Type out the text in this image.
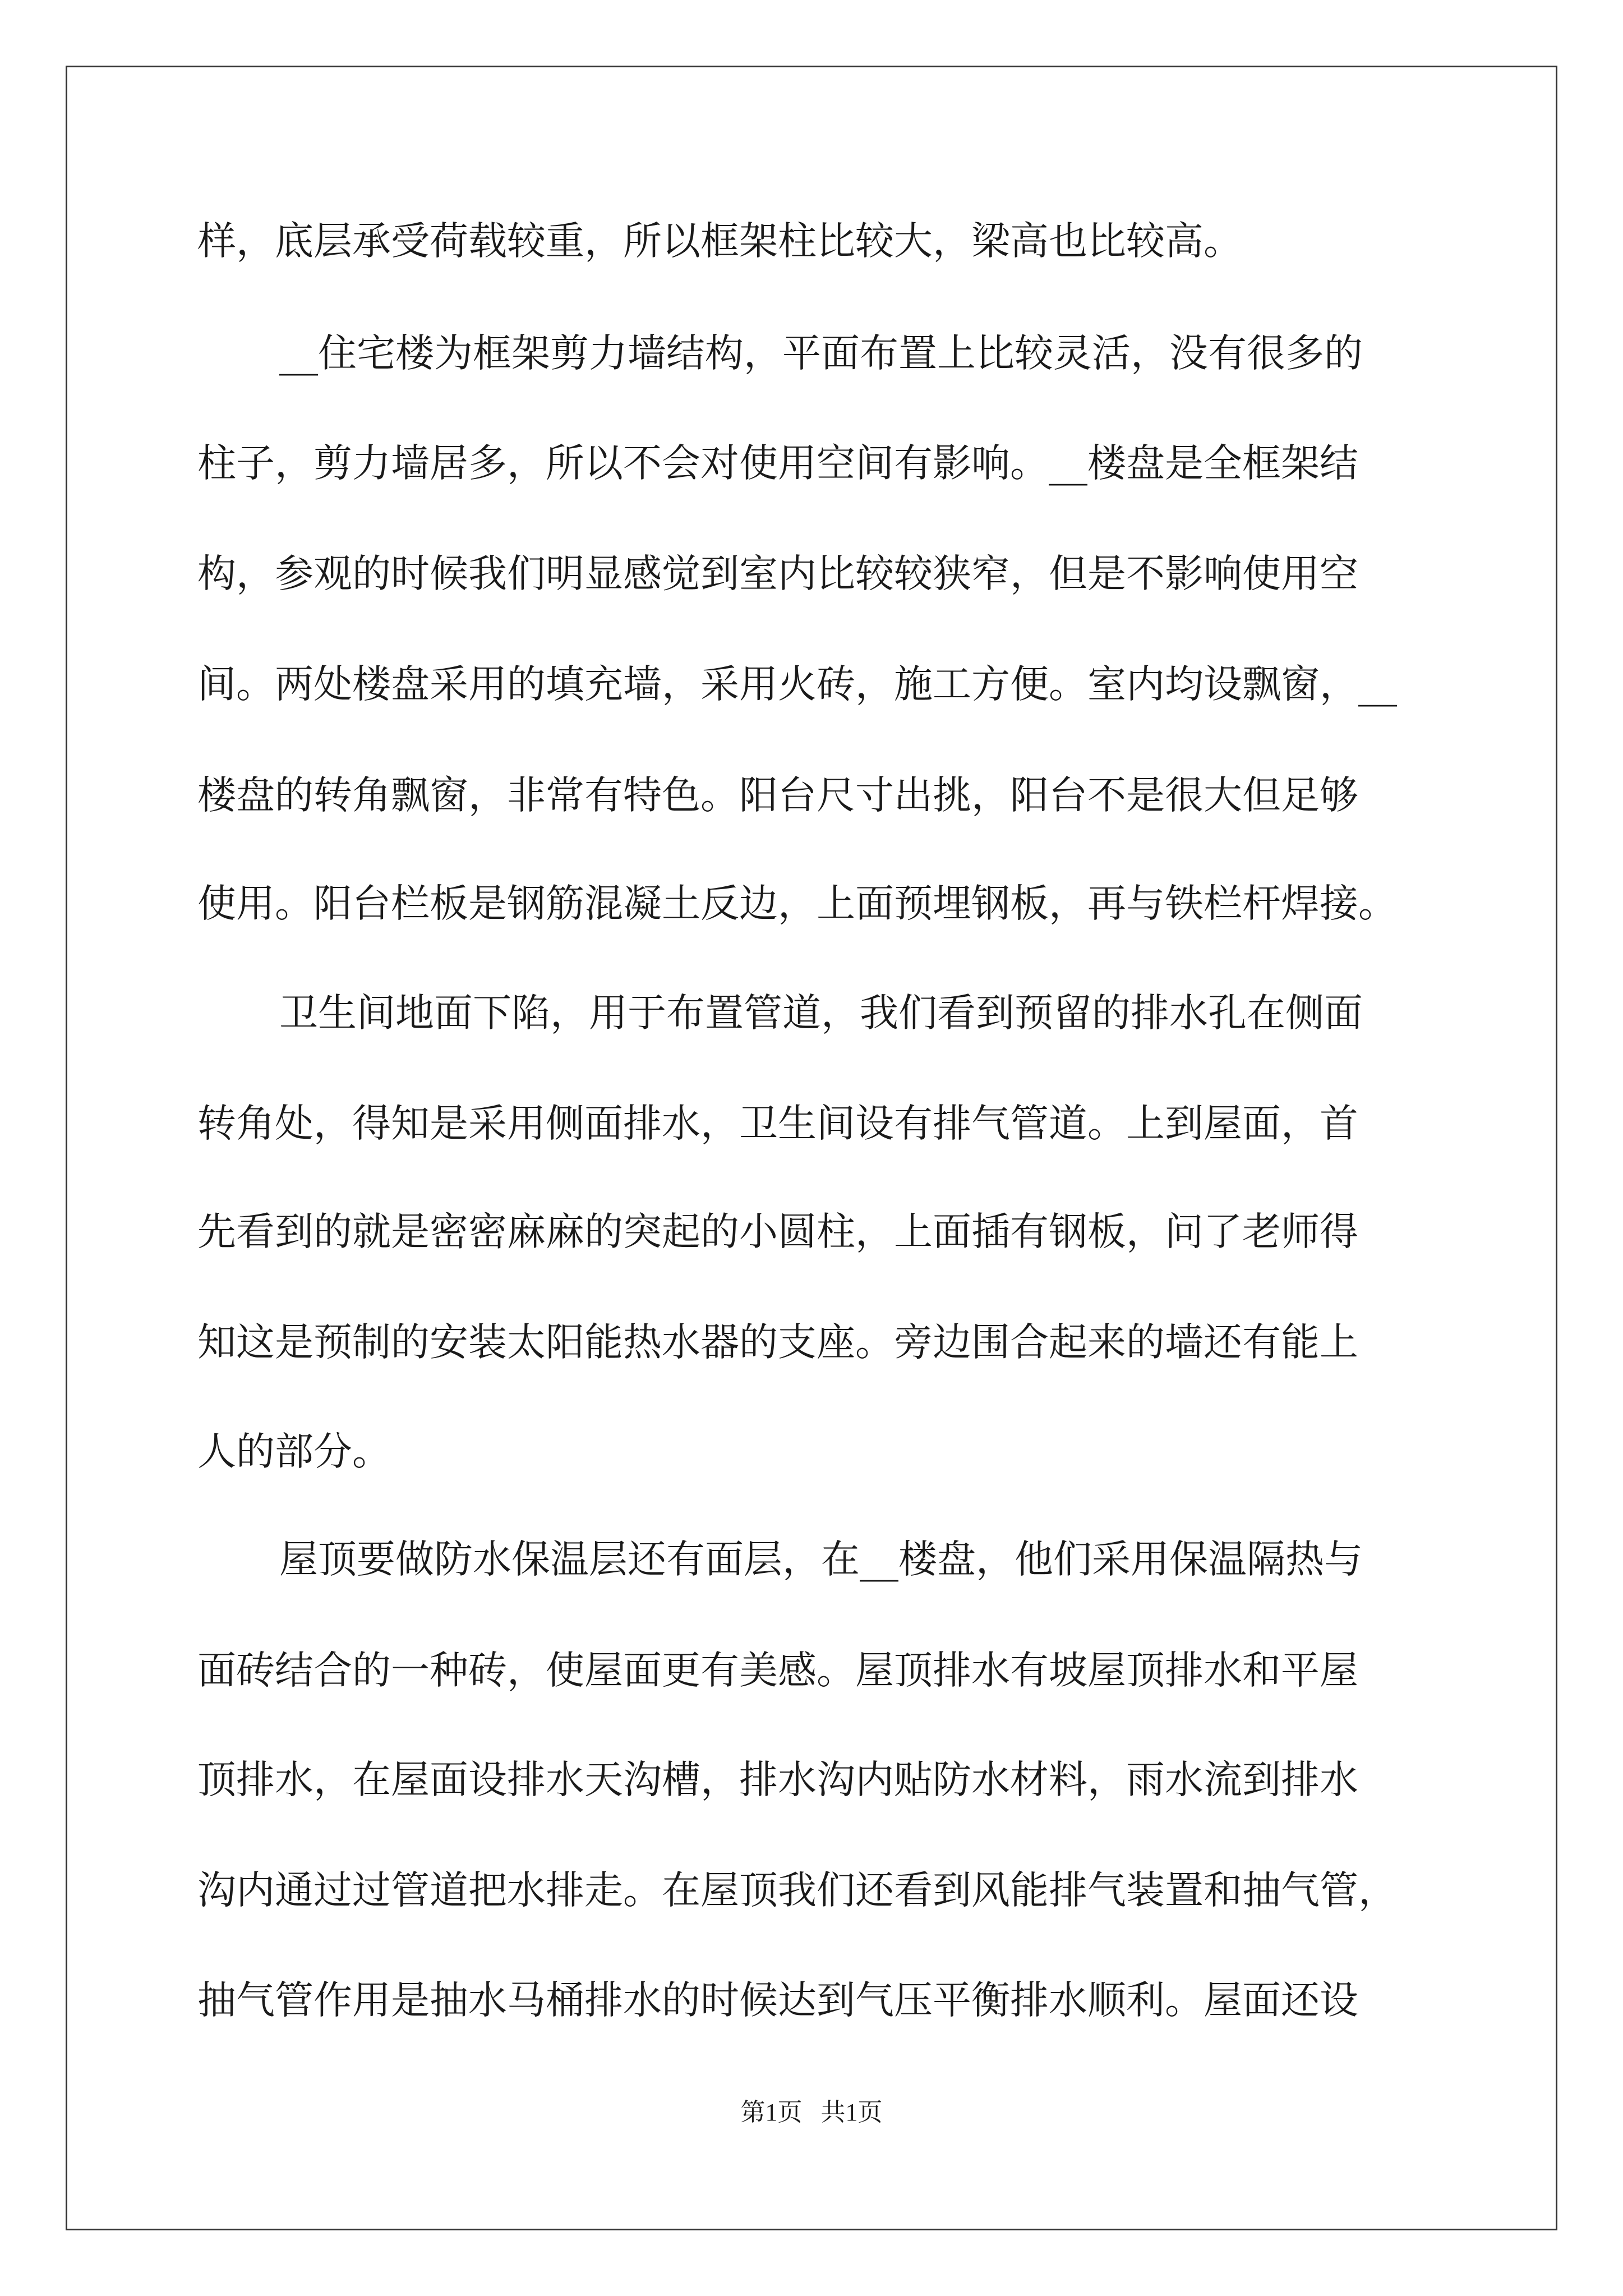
样，底层承受荷载较重，所以框架柱比较大，梁高也比较高。
__住宅楼为框架剪力墙结构，平面布置上比较灵活，没有很多的
柱子，剪力墙居多，所以不会对使用空间有影响。__楼盘是全框架结
构，参观的时候我们明显感觉到室内比较较狭窄，但是不影响使用空
间。两处楼盘采用的填充墙，采用火砖，施工方便。室内均设飘窗，__
楼盘的转角飘窗，非常有特色。阳台尺寸出挑，阳台不是很大但足够
使用。阳台栏板是钢筋混凝土反边，上面预埋钢板，再与铁栏杆焊接。
卫生间地面下陷，用于布置管道，我们看到预留的排水孔在侧面
转角处，得知是采用侧面排水，卫生间设有排气管道。上到屋面，首
先看到的就是密密麻麻的突起的小圆柱，上面插有钢板，问了老师得
知这是预制的安装太阳能热水器的支座。旁边围合起来的墙还有能上
人的部分。
屋顶要做防水保温层还有面层，在__楼盘，他们采用保温隔热与
面砖结合的一种砖，使屋面更有美感。屋顶排水有坡屋顶排水和平屋
顶排水，在屋面设排水天沟槽，排水沟内贴防水材料，雨水流到排水
沟内通过过管道把水排走。在屋顶我们还看到风能排气装置和抽气管，
抽气管作用是抽水马桶排水的时候达到气压平衡排水顺利。屋面还设
第1页   共1页
